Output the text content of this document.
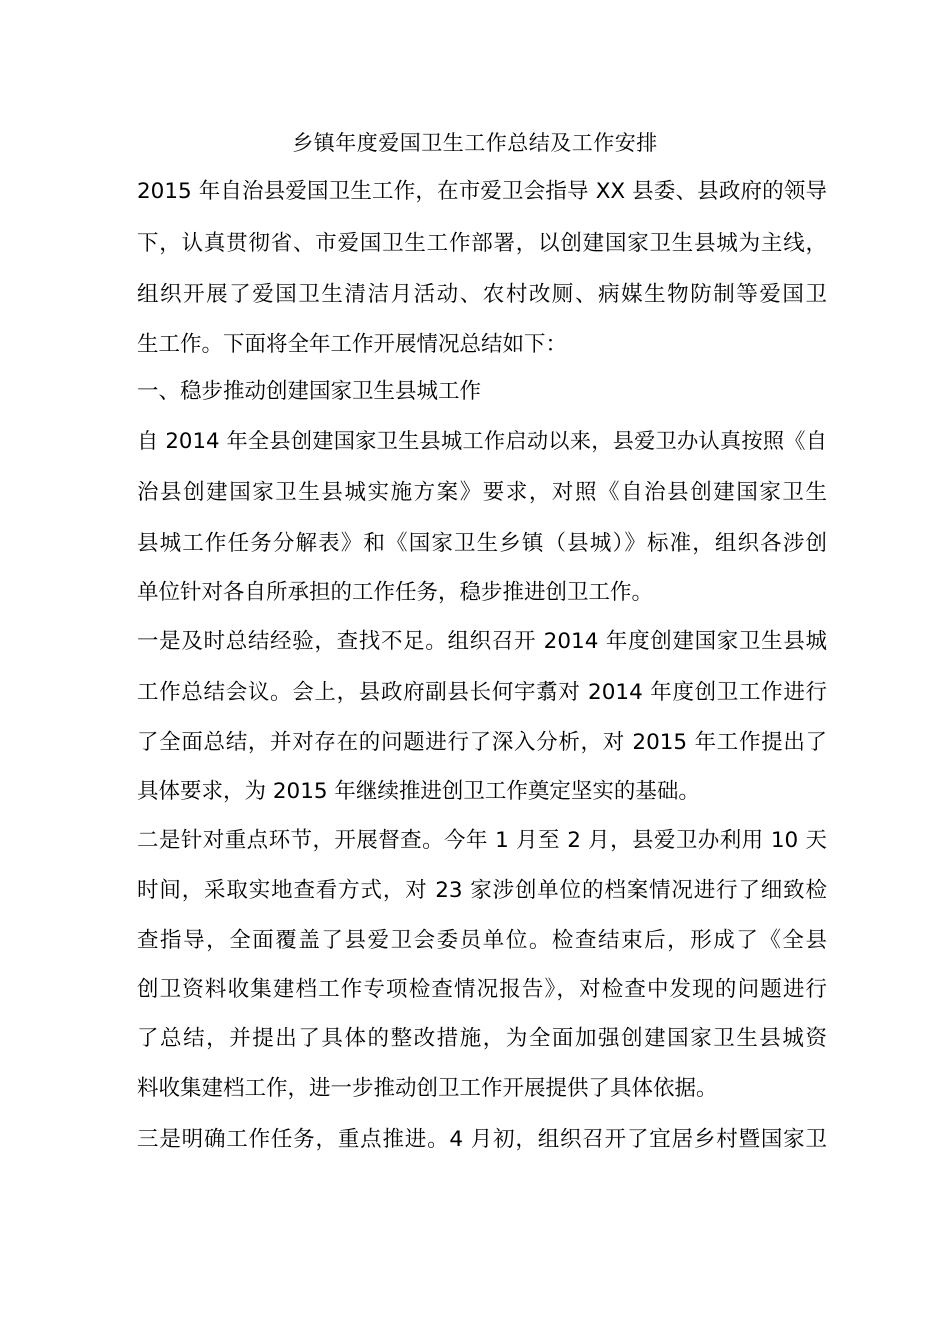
乡镇年度爱国卫生工作总结及工作安排
2015 年自治县爱国卫生工作，在市爱卫会指导 XX 县委、县政府的领导
下，认真贯彻省、市爱国卫生工作部署，以创建国家卫生县城为主线，
组织开展了爱国卫生清洁月活动、农村改厕、病媒生物防制等爱国卫
生工作。下面将全年工作开展情况总结如下：
一、稳步推动创建国家卫生县城工作
自 2014 年全县创建国家卫生县城工作启动以来，县爱卫办认真按照《自
治县创建国家卫生县城实施方案》要求，对照《自治县创建国家卫生
县城工作任务分解表》和《国家卫生乡镇（县城）》标准，组织各涉创
单位针对各自所承担的工作任务，稳步推进创卫工作。
一是及时总结经验，查找不足。组织召开 2014 年度创建国家卫生县城
工作总结会议。会上，县政府副县长何宇翥对 2014 年度创卫工作进行
了全面总结，并对存在的问题进行了深入分析，对 2015 年工作提出了
具体要求，为 2015 年继续推进创卫工作奠定坚实的基础。
二是针对重点环节，开展督查。今年 1 月至 2 月，县爱卫办利用 10 天
时间，采取实地查看方式，对 23 家涉创单位的档案情况进行了细致检
查指导，全面覆盖了县爱卫会委员单位。检查结束后，形成了《全县
创卫资料收集建档工作专项检查情况报告》，对检查中发现的问题进行
了总结，并提出了具体的整改措施，为全面加强创建国家卫生县城资
料收集建档工作，进一步推动创卫工作开展提供了具体依据。
三是明确工作任务，重点推进。4 月初，组织召开了宜居乡村暨国家卫
